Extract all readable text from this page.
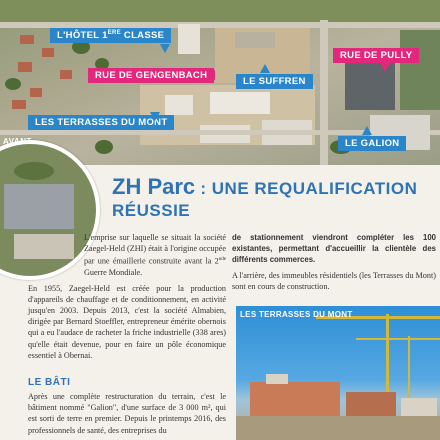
L'HÔTEL 1ERE CLASSE
RUE DE GENGENBACH
LE SUFFREN
RUE DE PULLY
LES TERRASSES DU MONT
LE GALION
AVANT
ZH Parc : UNE REQUALIFICATION RÉUSSIE

L'emprise sur laquelle se situait la société Zaegel-Held (ZHI) était à l'origine occupée par une émaillerie construite avant la 2nde Guerre Mondiale.

En 1955, Zaegel-Held est créée pour la production d'appareils de chauffage et de conditionnement, en activité jusqu'en 2003. Depuis 2013, c'est la société Almabien, dirigée par Bernard Stoeffler, entrepreneur émérite obernois qui a eu l'audace de racheter la friche industrielle (338 ares) qu'elle était devenue, pour en faire un pôle économique essentiel à Obernai.

LE BÂTI

Après une complète restructuration du terrain, c'est le bâtiment nommé "Galion", d'une surface de 3 000 m², qui est sorti de terre en premier. Depuis le printemps 2016, des professionnels de santé, des entreprises du

de stationnement viendront compléter les 100 existantes, permettant d'accueillir la clientèle des différents commerces.

A l'arrière, des immeubles résidentiels (les Terrasses du Mont) sont en cours de construction.

LES TERRASSES DU MONT
